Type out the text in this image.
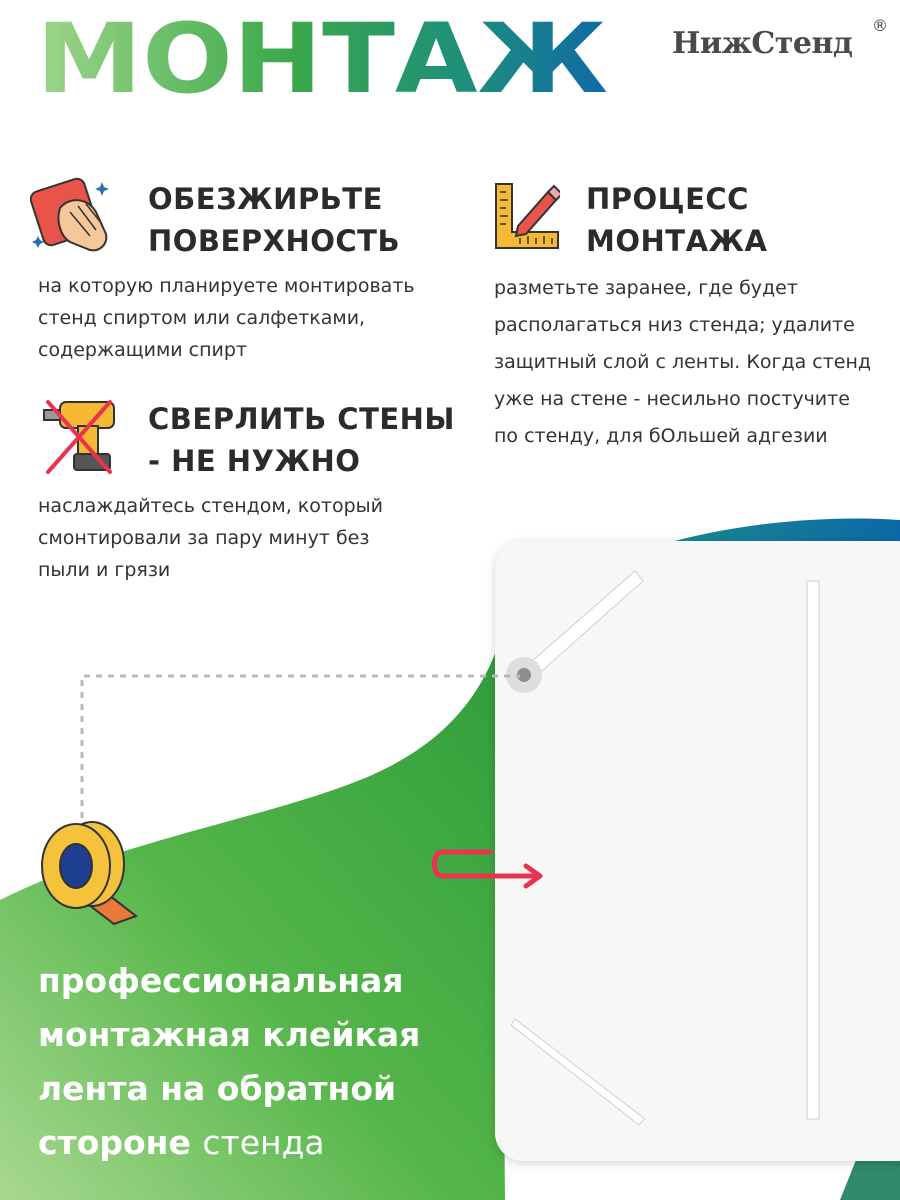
МОНТАЖ НижСтенд
®
ОБЕЗЖИРЬТЕ
ПОВЕРХНОСТЬ
на которую планируете монтировать
стенд спиртом или салфетками,
содержащими спирт
ПРОЦЕСС
МОНТАЖА
разметьте заранее, где будет
располагаться низ стенда; удалите
защитный слой с ленты. Когда стенд
уже на стене - несильно постучите
по стенду, для бОльшей адгезии
СВЕРЛИТЬ СТЕНЫ
- НЕ НУЖНО
наслаждайтесь стендом, который
смонтировали за пару минут без
пыли и грязи
профессиональная
монтажная клейкая
лента на обратной
стороне стенда
